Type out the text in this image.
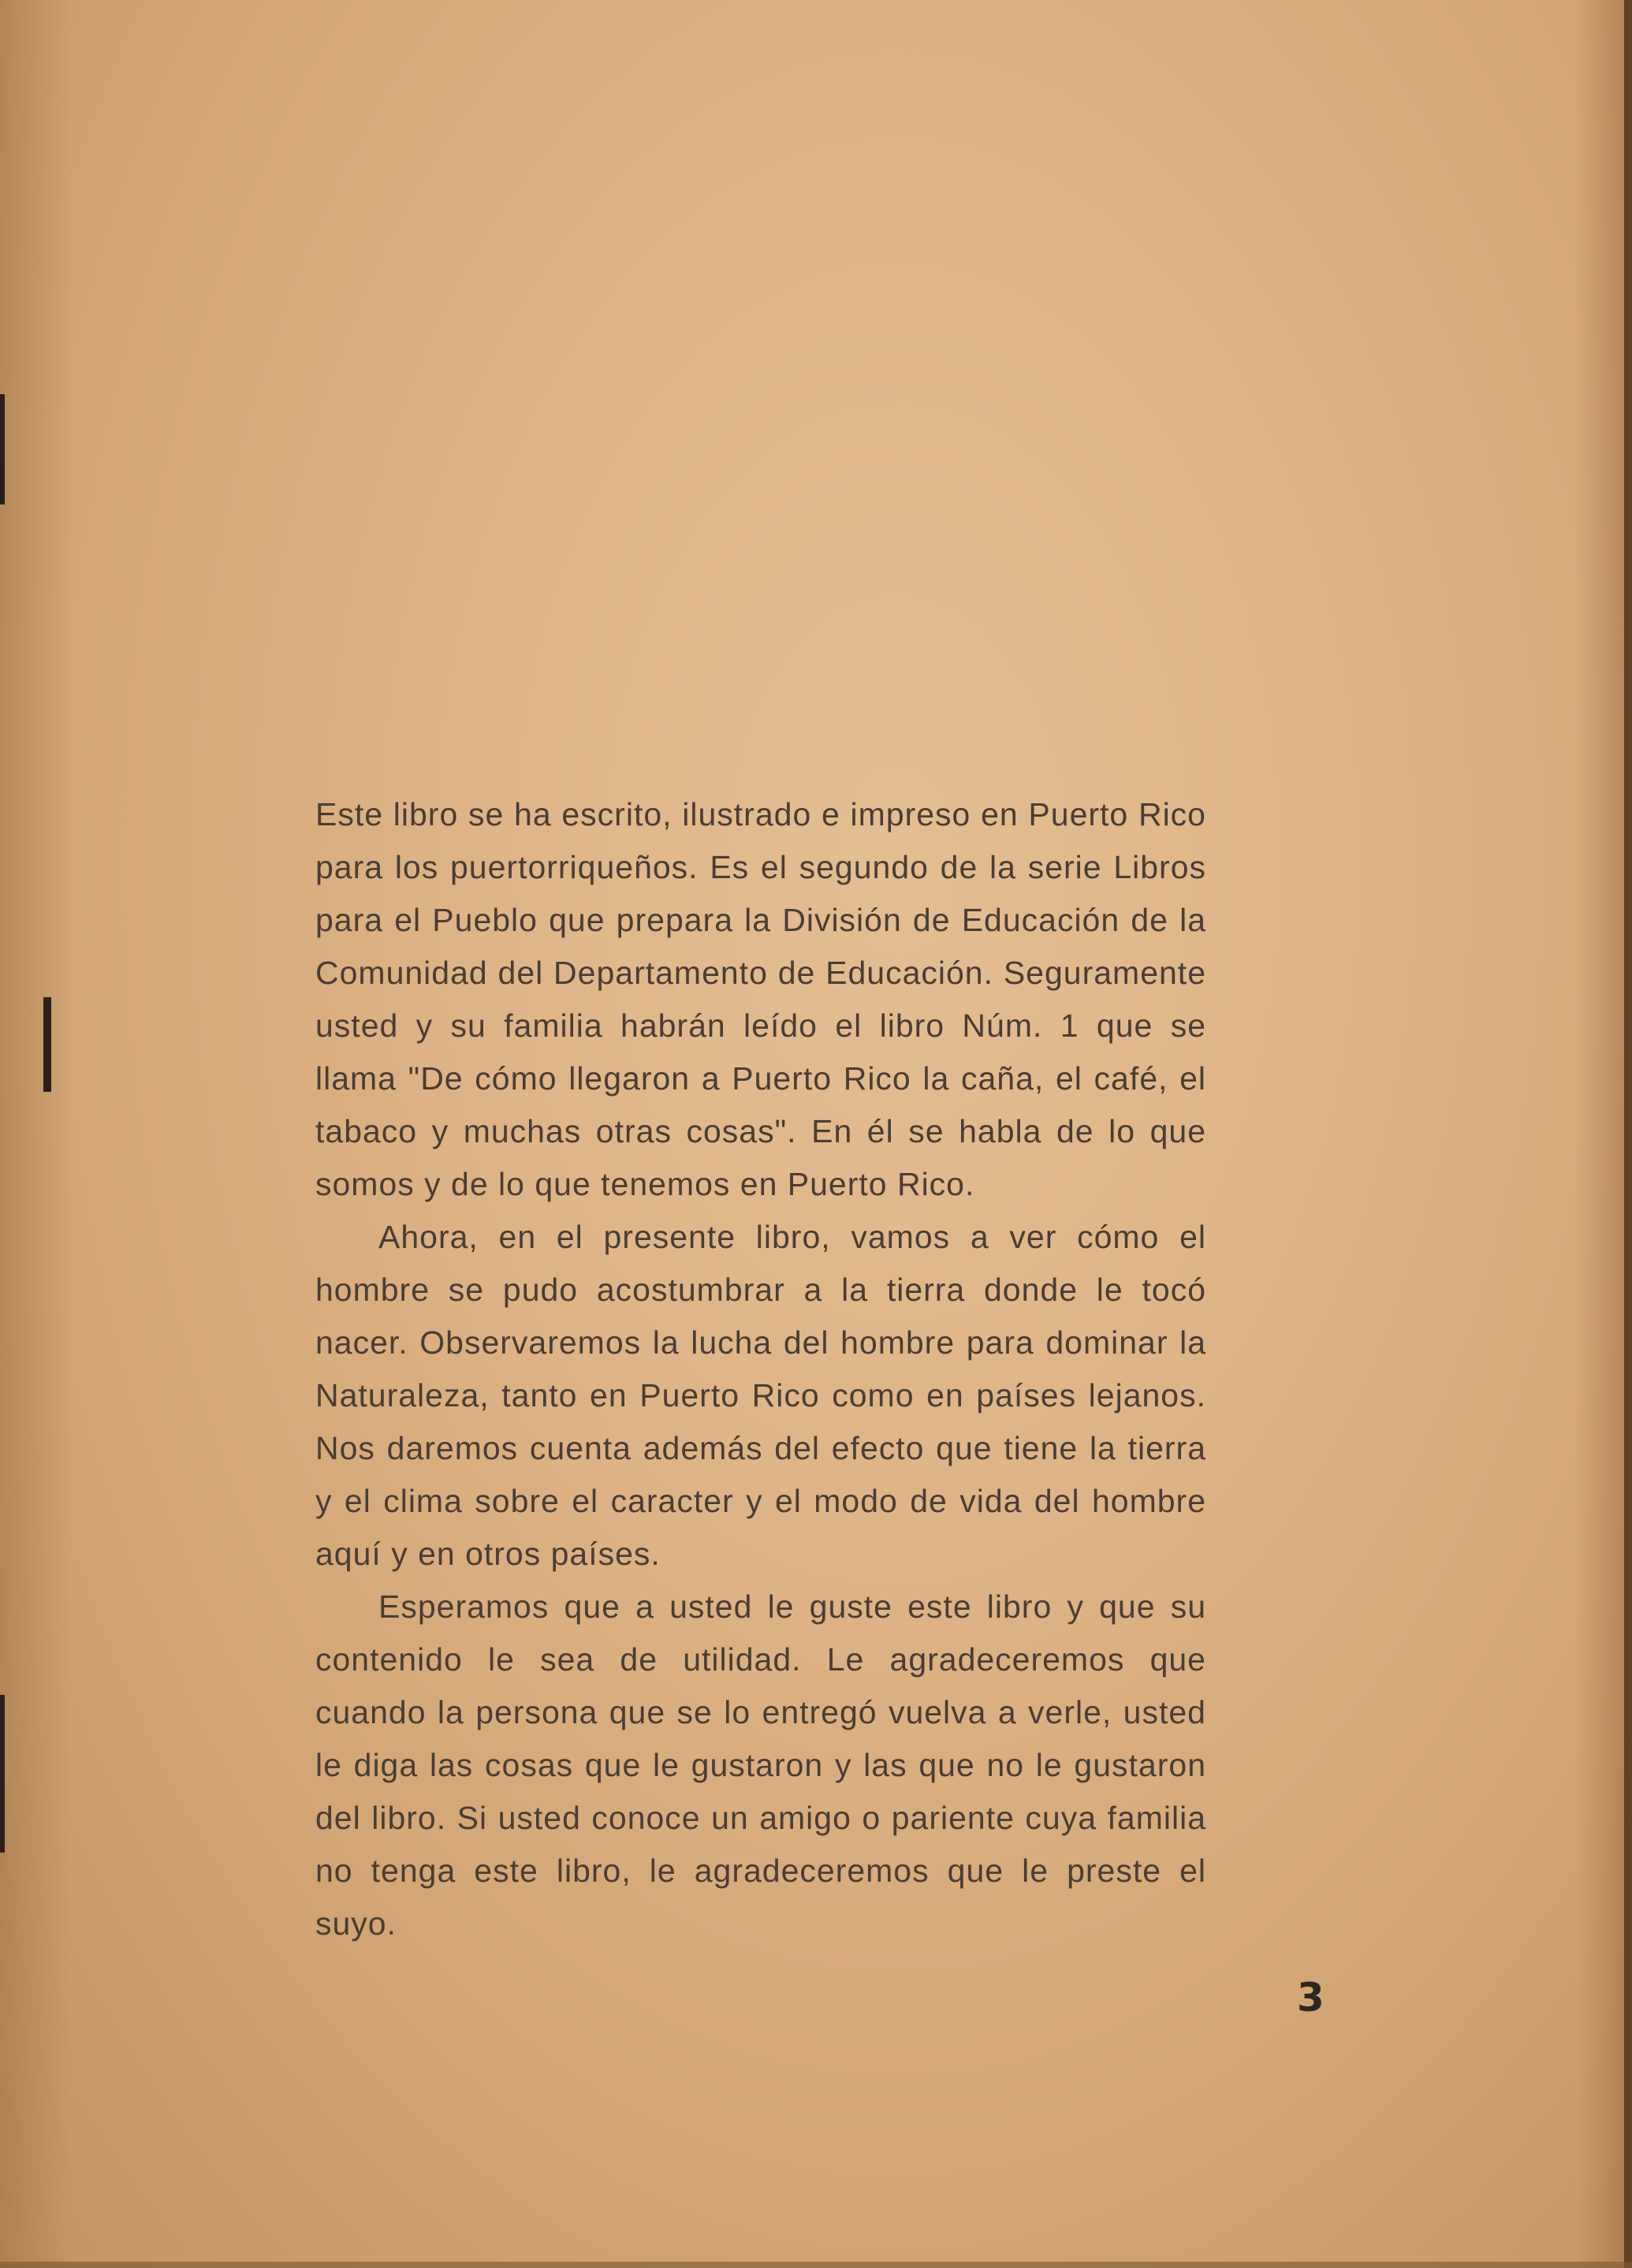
Este libro se ha escrito, ilustrado e impreso en Puerto Rico para los puertorriqueños. Es el segundo de la serie Libros para el Pueblo que prepara la División de Educación de la Comunidad del Departamento de Educación. Seguramente usted y su familia habrán leído el libro Núm. 1 que se llama "De cómo llegaron a Puerto Rico la caña, el café, el tabaco y muchas otras cosas". En él se habla de lo que somos y de lo que tenemos en Puerto Rico.

Ahora, en el presente libro, vamos a ver cómo el hombre se pudo acostumbrar a la tierra donde le tocó nacer. Observaremos la lucha del hombre para dominar la Naturaleza, tanto en Puerto Rico como en países lejanos. Nos daremos cuenta además del efecto que tiene la tierra y el clima sobre el caracter y el modo de vida del hombre aquí y en otros países.

Esperamos que a usted le guste este libro y que su contenido le sea de utilidad. Le agradeceremos que cuando la persona que se lo entregó vuelva a verle, usted le diga las cosas que le gustaron y las que no le gustaron del libro. Si usted conoce un amigo o pariente cuya familia no tenga este libro, le agradeceremos que le preste el suyo.

3
